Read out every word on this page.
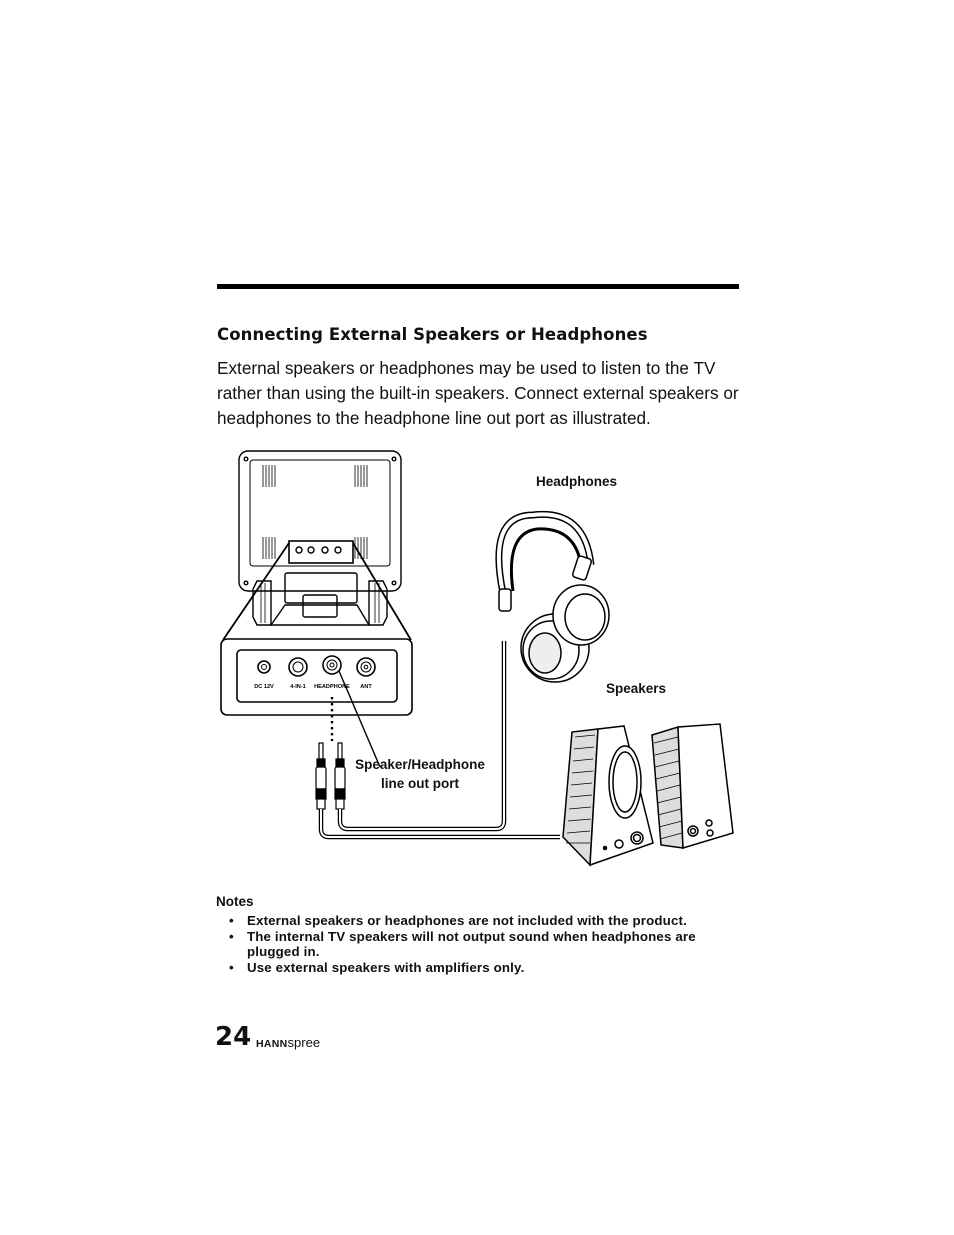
Connecting External Speakers or Headphones

External speakers or headphones may be used to listen to the TV

rather than using the built-in speakers. Connect external speakers or

headphones to the headphone line out port as illustrated.

DC 12V	4-IN-1 HEADPHONE ANT
Headphones
Speakers
Speaker/Headphone
line out port
Notes
• External speakers or headphones are not included with the product.
• The internal TV speakers will not output sound when headphones are plugged in.
• Use external speakers with amplifiers only.
24 HANNspree
